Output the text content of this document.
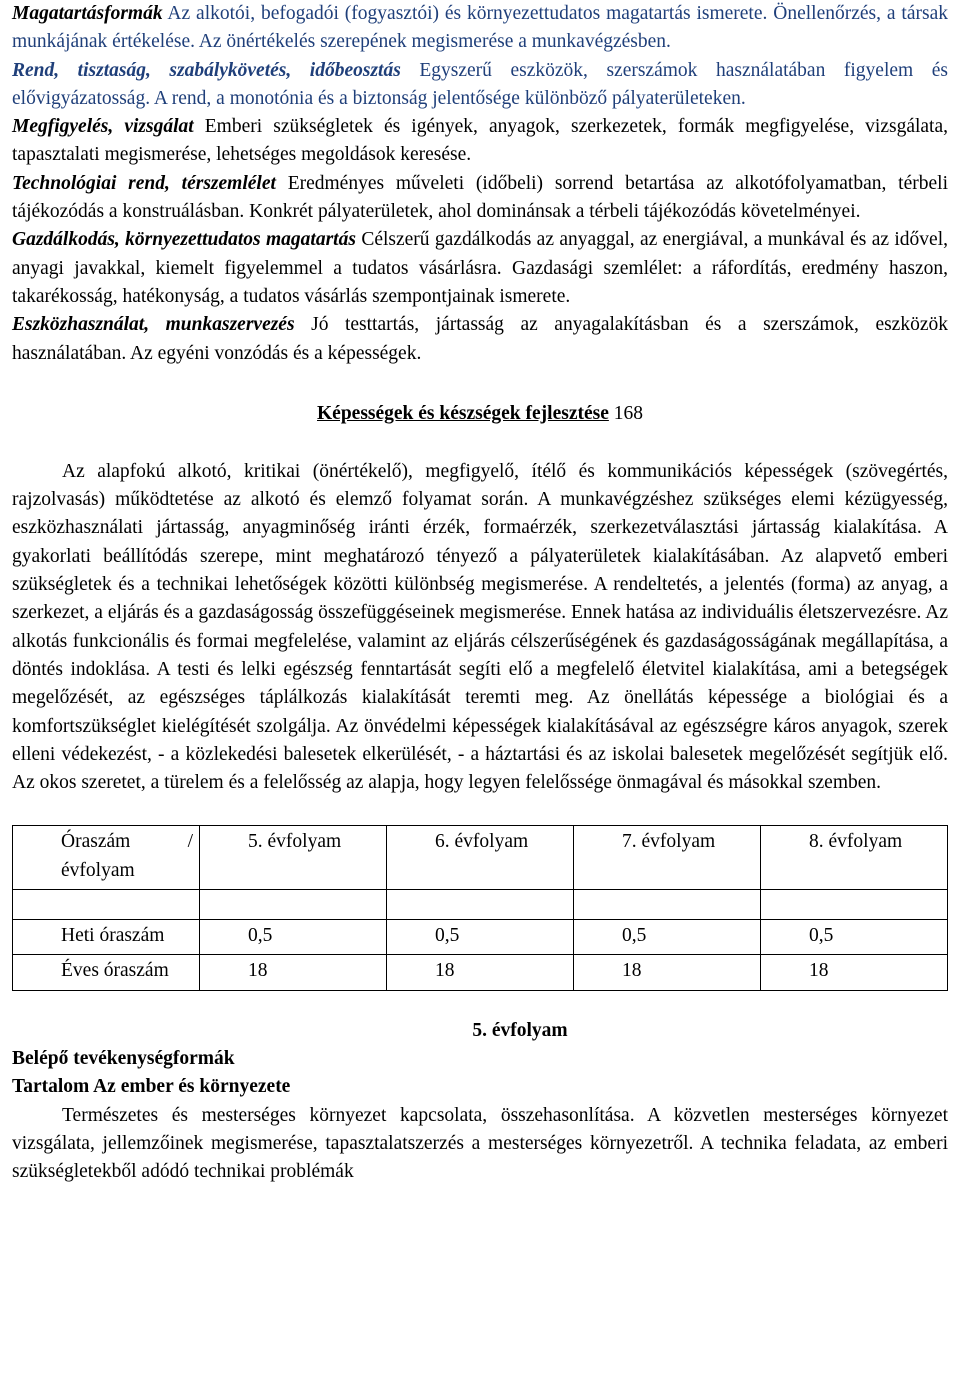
Magatartásformák Az alkotói, befogadói (fogyasztói) és környezettudatos magatartás ismerete. Önellenőrzés, a társak munkájának értékelése. Az önértékelés szerepének megismerése a munkavégzésben.

Rend, tisztaság, szabálykövetés, időbeosztás Egyszerű eszközök, szerszámok használatában figyelem és elővigyázatosság. A rend, a monotónia és a biztonság jelentősége különböző pályaterületeken.

Megfigyelés, vizsgálat Emberi szükségletek és igények, anyagok, szerkezetek, formák megfigyelése, vizsgálata, tapasztalati megismerése, lehetséges megoldások keresése.

Technológiai rend, térszemlélet Eredményes műveleti (időbeli) sorrend betartása az alkotófolyamatban, térbeli tájékozódás a konstruálásban. Konkrét pályaterületek, ahol dominánsak a térbeli tájékozódás követelményei.

Gazdálkodás, környezettudatos magatartás Célszerű gazdálkodás az anyaggal, az energiával, a munkával és az idővel, anyagi javakkal, kiemelt figyelemmel a tudatos vásárlásra. Gazdasági szemlélet: a ráfordítás, eredmény haszon, takarékosság, hatékonyság, a tudatos vásárlás szempontjainak ismerete.

Eszközhasználat, munkaszervezés Jó testtartás, jártasság az anyagalakításban és a szerszámok, eszközök használatában. Az egyéni vonzódás és a képességek.

Képességek és készségek fejlesztése 168

Az alapfokú alkotó, kritikai (önértékelő), megfigyelő, ítélő és kommunikációs képességek (szövegértés, rajzolvasás) működtetése az alkotó és elemző folyamat során. A munkavégzéshez szükséges elemi kézügyesség, eszközhasználati jártasság, anyagminőség iránti érzék, formaérzék, szerkezetválasztási jártasság kialakítása. A gyakorlati beállítódás szerepe, mint meghatározó tényező a pályaterületek kialakításában. Az alapvető emberi szükségletek és a technikai lehetőségek közötti különbség megismerése. A rendeltetés, a jelentés (forma) az anyag, a szerkezet, a eljárás és a gazdaságosság összefüggéseinek megismerése. Ennek hatása az individuális életszervezésre. Az alkotás funkcionális és formai megfelelése, valamint az eljárás célszerűségének és gazdaságosságának megállapítása, a döntés indoklása. A testi és lelki egészség fenntartását segíti elő a megfelelő életvitel kialakítása, ami a betegségek megelőzését, az egészséges táplálkozás kialakítását teremti meg. Az önellátás képessége a biológiai és a komfortszükséglet kielégítését szolgálja. Az önvédelmi képességek kialakításával az egészségre káros anyagok, szerek elleni védekezést, - a közlekedési balesetek elkerülését, - a háztartási és az iskolai balesetek megelőzését segítjük elő. Az okos szeretet, a türelem és a felelősség az alapja, hogy legyen felelőssége önmagával és másokkal szemben.

Óraszám / évfolyam	5. évfolyam	6. évfolyam	7. évfolyam	8. évfolyam

Heti óraszám	0,5	0,5	0,5	0,5
Éves óraszám	18	18	18	18
5. évfolyam
Belépő tevékenységformák
Tartalom Az ember és környezete

Természetes és mesterséges környezet kapcsolata, összehasonlítása. A közvetlen mesterséges környezet vizsgálata, jellemzőinek megismerése, tapasztalatszerzés a mesterséges környezetről. A technika feladata, az emberi szükségletekből adódó technikai problémák
